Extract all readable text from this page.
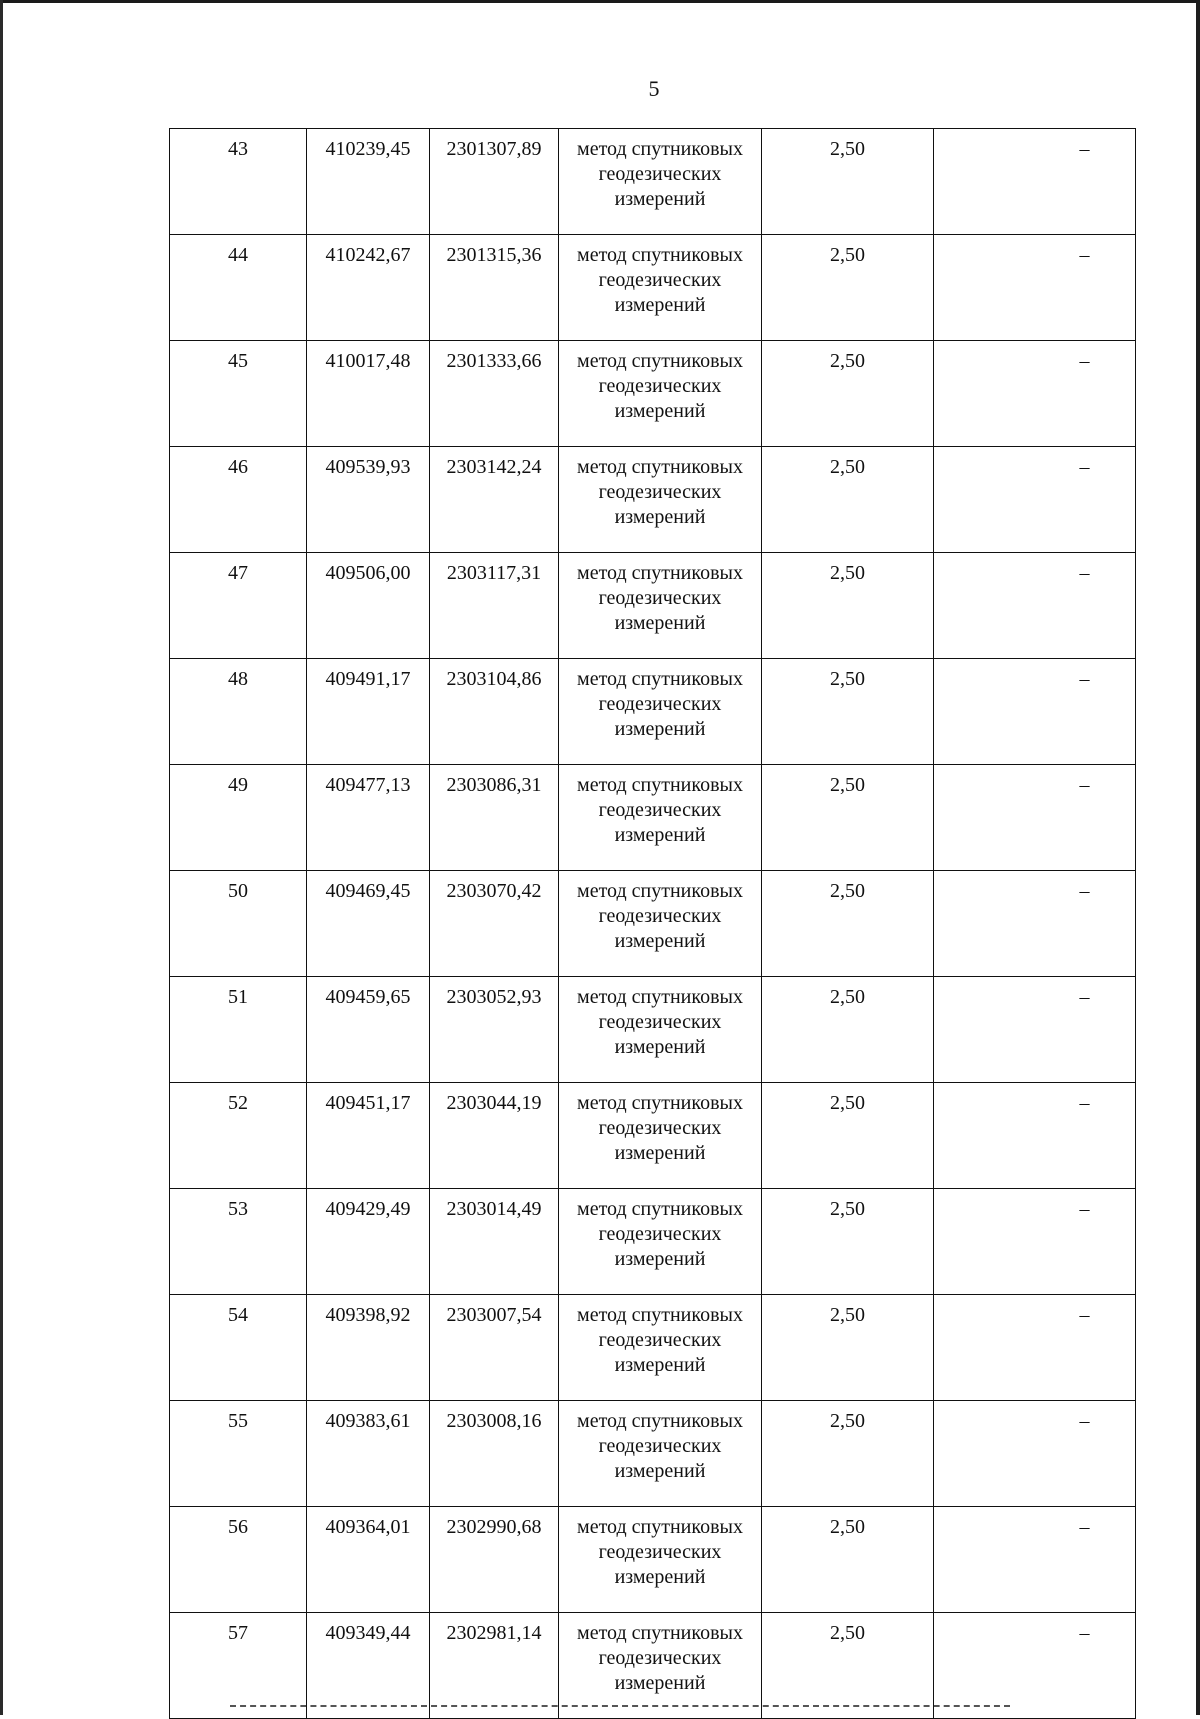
5
43	410239,45	2301307,89	метод спутниковых геодезических измерений	2,50	–
44	410242,67	2301315,36	метод спутниковых геодезических измерений	2,50	–
45	410017,48	2301333,66	метод спутниковых геодезических измерений	2,50	–
46	409539,93	2303142,24	метод спутниковых геодезических измерений	2,50	–
47	409506,00	2303117,31	метод спутниковых геодезических измерений	2,50	–
48	409491,17	2303104,86	метод спутниковых геодезических измерений	2,50	–
49	409477,13	2303086,31	метод спутниковых геодезических измерений	2,50	–
50	409469,45	2303070,42	метод спутниковых геодезических измерений	2,50	–
51	409459,65	2303052,93	метод спутниковых геодезических измерений	2,50	–
52	409451,17	2303044,19	метод спутниковых геодезических измерений	2,50	–
53	409429,49	2303014,49	метод спутниковых геодезических измерений	2,50	–
54	409398,92	2303007,54	метод спутниковых геодезических измерений	2,50	–
55	409383,61	2303008,16	метод спутниковых геодезических измерений	2,50	–
56	409364,01	2302990,68	метод спутниковых геодезических измерений	2,50	–
57	409349,44	2302981,14	метод спутниковых геодезических измерений	2,50	–
